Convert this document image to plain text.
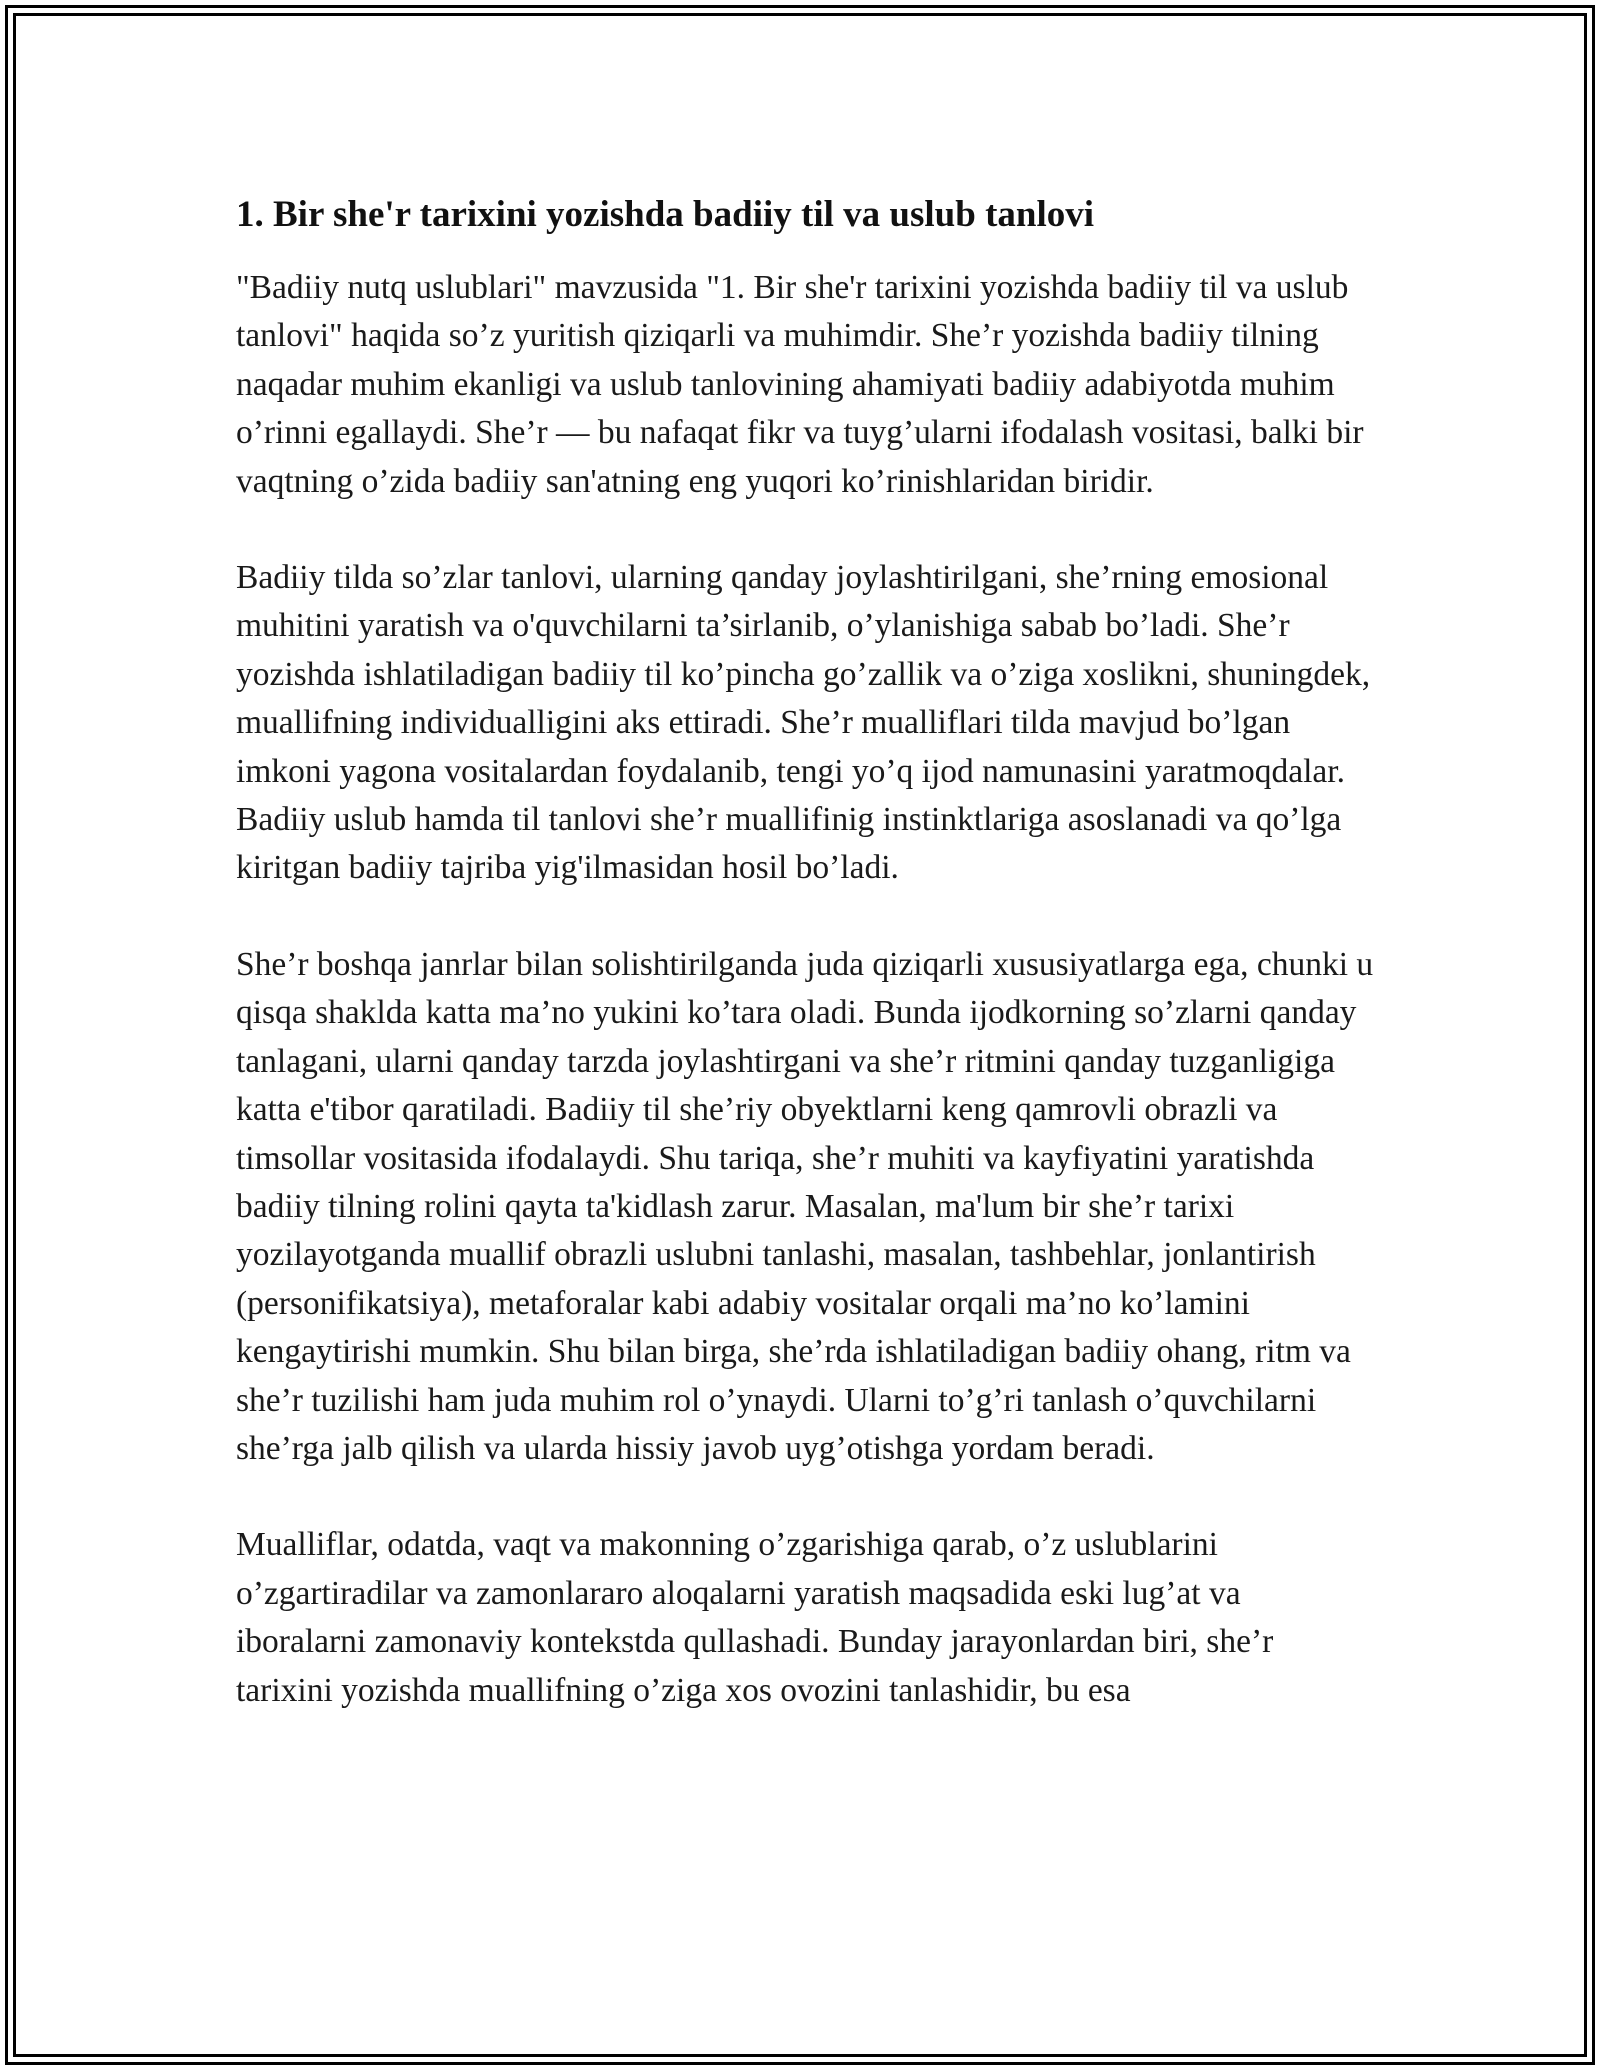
1. Bir she'r tarixini yozishda badiiy til va uslub tanlovi

"Badiiy nutq uslublari" mavzusida "1. Bir she'r tarixini yozishda badiiy til va uslub tanlovi" haqida so’z yuritish qiziqarli va muhimdir. She’r yozishda badiiy tilning naqadar muhim ekanligi va uslub tanlovining ahamiyati badiiy adabiyotda muhim o’rinni egallaydi. She’r — bu nafaqat fikr va tuyg’ularni ifodalash vositasi, balki bir vaqtning o’zida badiiy san'atning eng yuqori ko’rinishlaridan biridir.

Badiiy tilda so’zlar tanlovi, ularning qanday joylashtirilgani, she’rning emosional muhitini yaratish va o'quvchilarni ta’sirlanib, o’ylanishiga sabab bo’ladi. She’r yozishda ishlatiladigan badiiy til ko’pincha go’zallik va o’ziga xoslikni, shuningdek, muallifning individualligini aks ettiradi. She’r mualliflari tilda mavjud bo’lgan imkoni yagona vositalardan foydalanib, tengi yo’q ijod namunasini yaratmoqdalar. Badiiy uslub hamda til tanlovi she’r muallifinig instinktlariga asoslanadi va qo’lga kiritgan badiiy tajriba yig'ilmasidan hosil bo’ladi.

She’r boshqa janrlar bilan solishtirilganda juda qiziqarli xususiyatlarga ega, chunki u qisqa shaklda katta ma’no yukini ko’tara oladi. Bunda ijodkorning so’zlarni qanday tanlagani, ularni qanday tarzda joylashtirgani va she’r ritmini qanday tuzganligiga katta e'tibor qaratiladi. Badiiy til she’riy obyektlarni keng qamrovli obrazli va timsollar vositasida ifodalaydi. Shu tariqa, she’r muhiti va kayfiyatini yaratishda badiiy tilning rolini qayta ta'kidlash zarur. Masalan, ma'lum bir she’r tarixi yozilayotganda muallif obrazli uslubni tanlashi, masalan, tashbehlar, jonlantirish (personifikatsiya), metaforalar kabi adabiy vositalar orqali ma’no ko’lamini kengaytirishi mumkin. Shu bilan birga, she’rda ishlatiladigan badiiy ohang, ritm va she’r tuzilishi ham juda muhim rol o’ynaydi. Ularni to’g’ri tanlash o’quvchilarni she’rga jalb qilish va ularda hissiy javob uyg’otishga yordam beradi.

Mualliflar, odatda, vaqt va makonning o’zgarishiga qarab, o’z uslublarini o’zgartiradilar va zamonlararo aloqalarni yaratish maqsadida eski lug’at va iboralarni zamonaviy kontekstda qullashadi. Bunday jarayonlardan biri, she’r tarixini yozishda muallifning o’ziga xos ovozini tanlashidir, bu esa
